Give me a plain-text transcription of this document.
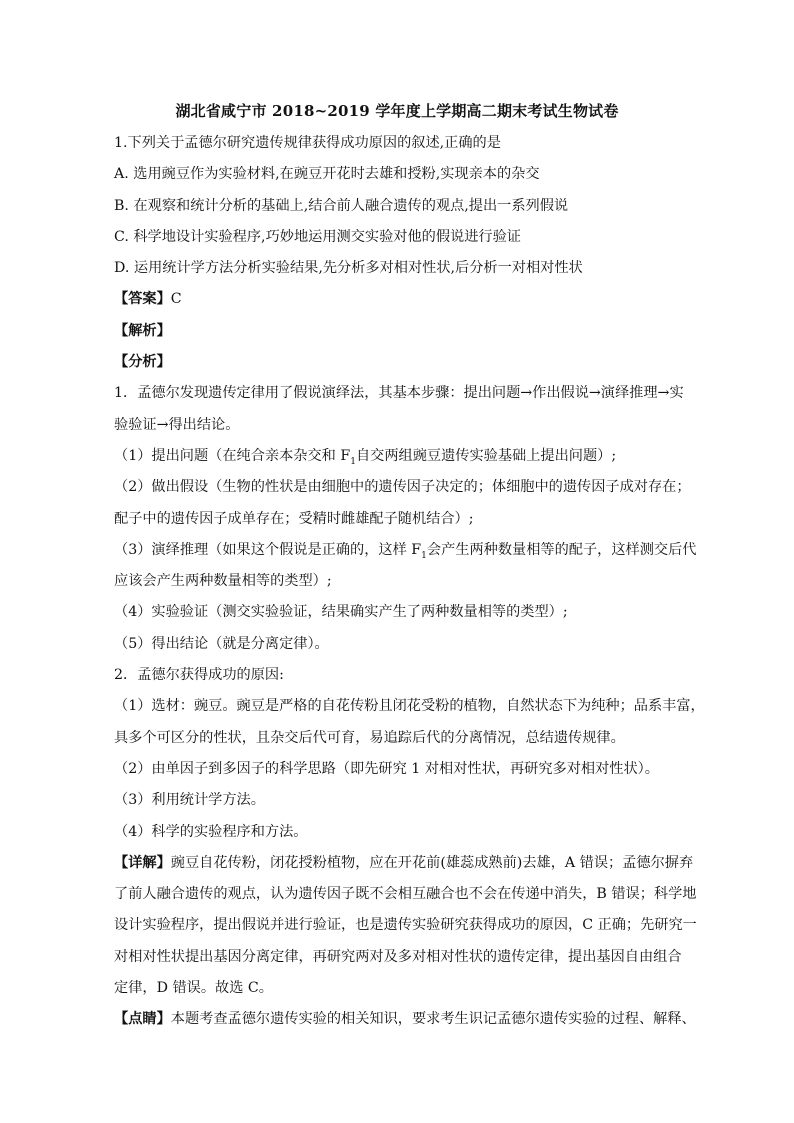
湖北省咸宁市 2018~2019 学年度上学期高二期末考试生物试卷
1.下列关于孟德尔研究遗传规律获得成功原因的叙述,正确的是
A. 选用豌豆作为实验材料,在豌豆开花时去雄和授粉,实现亲本的杂交
B. 在观察和统计分析的基础上,结合前人融合遗传的观点,提出一系列假说
C. 科学地设计实验程序,巧妙地运用测交实验对他的假说进行验证
D. 运用统计学方法分析实验结果,先分析多对相对性状,后分析一对相对性状
【答案】C
【解析】
【分析】
1．孟德尔发现遗传定律用了假说演绎法，其基本步骤：提出问题→作出假说→演绎推理→实
验验证→得出结论。
（1）提出问题（在纯合亲本杂交和 $F_1$自交两组豌豆遗传实验基础上提出问题）;
（2）做出假设（生物的性状是由细胞中的遗传因子决定的；体细胞中的遗传因子成对存在；
配子中的遗传因子成单存在；受精时雌雄配子随机结合）;
（3）演绎推理（如果这个假说是正确的，这样 $F_1$会产生两种数量相等的配子，这样测交后代
应该会产生两种数量相等的类型）;
（4）实验验证（测交实验验证，结果确实产生了两种数量相等的类型）;
（5）得出结论（就是分离定律）。
2．孟德尔获得成功的原因:
（1）选材：豌豆。豌豆是严格的自花传粉且闭花受粉的植物，自然状态下为纯种；品系丰富，
具多个可区分的性状，且杂交后代可育，易追踪后代的分离情况，总结遗传规律。
（2）由单因子到多因子的科学思路（即先研究 1 对相对性状，再研究多对相对性状）。
（3）利用统计学方法。
（4）科学的实验程序和方法。
【详解】豌豆自花传粉，闭花授粉植物，应在开花前(雄蕊成熟前)去雄，A 错误；孟德尔摒弃
了前人融合遗传的观点，认为遗传因子既不会相互融合也不会在传递中消失，B 错误；科学地
设计实验程序，提出假说并进行验证，也是遗传实验研究获得成功的原因，C 正确；先研究一
对相对性状提出基因分离定律，再研究两对及多对相对性状的遗传定律，提出基因自由组合
定律，D 错误。故选 C。
【点睛】本题考查孟德尔遗传实验的相关知识，要求考生识记孟德尔遗传实验的过程、解释、
